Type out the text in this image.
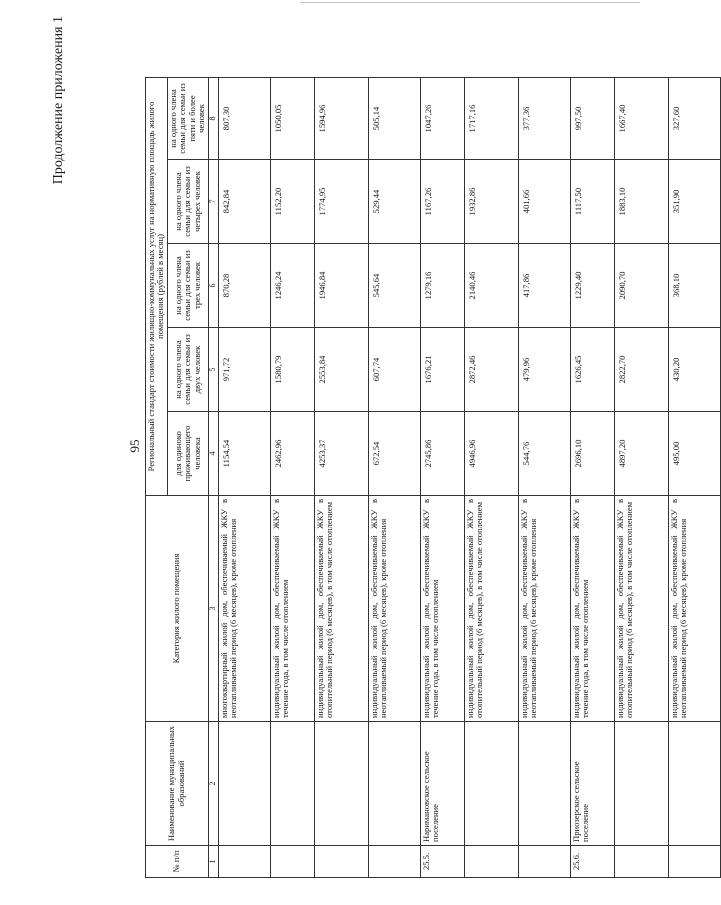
95
Продолжение приложения 1
№ п/п	Наименование муниципальных образований	Категория жилого помещения	Региональный стандарт стоимости жилищно-коммунальных услуг на нормативную площадь жилого помещения (рублей в месяц)				
			для одиноко проживающего человека	на одного члена семьи для семьи из двух человек	на одного члена семьи для семьи из трех человек	на одного члена семьи для семьи из четырех человек	на одного члена семьи для семьи из пяти и более человек
1	2	3	4	5	6	7	8
		многоквартирный жилой дом, обеспечиваемый ЖКУ в неотапливаемый период (6 месяцев), кроме отопления	1154,54	971,72	870,28	842,84	807,30
		индивидуальный жилой дом, обеспечиваемый ЖКУ в течение года, в том числе отоплением	2462,96	1580,79	1246,24	1152,20	1050,05
		индивидуальный жилой дом, обеспечиваемый ЖКУ в отопительный период (6 месяцев), в том числе отоплением	4253,37	2553,84	1946,84	1774,95	1594,96
		индивидуальный жилой дом, обеспечиваемый ЖКУ в неотапливаемый период (6 месяцев), кроме отопления	672,54	607,74	545,64	529,44	505,14
25.5.	Наримановское сельское поселение	индивидуальный жилой дом, обеспечиваемый ЖКУ в течение года, в том числе отоплением	2745,86	1676,21	1279,16	1167,26	1047,26
		индивидуальный жилой дом, обеспечиваемый ЖКУ в отопительный период (6 месяцев), в том числе отоплением	4946,96	2872,46	2140,46	1932,86	1717,16
		индивидуальный жилой дом, обеспечиваемый ЖКУ в неотапливаемый период (6 месяцев), кроме отопления	544,76	479,96	417,86	401,66	377,36
25.6.	Приозерское сельское поселение	индивидуальный жилой дом, обеспечиваемый ЖКУ в течение года, в том числе отоплением	2696,10	1626,45	1229,40	1117,50	997,50
		индивидуальный жилой дом, обеспечиваемый ЖКУ в отопительный период (6 месяцев), в том числе отоплением	4897,20	2822,70	2090,70	1883,10	1667,40
		индивидуальный жилой дом, обеспечиваемый ЖКУ в неотапливаемый период (6 месяцев), кроме отопления	495,00	430,20	368,10	351,90	327,60
